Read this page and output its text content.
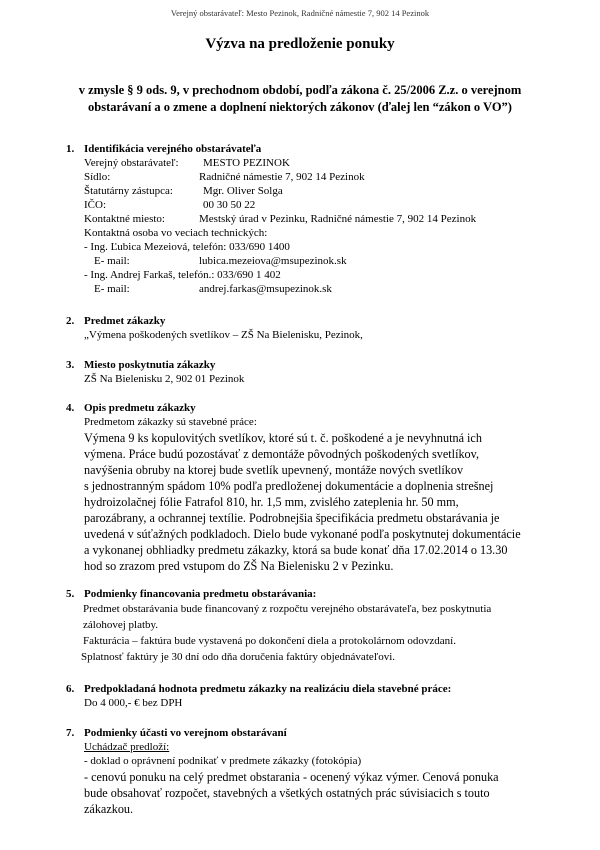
Verejný obstarávateľ: Mesto Pezinok, Radničné námestie 7, 902 14 Pezinok
Výzva na predloženie ponuky
v zmysle § 9 ods. 9, v prechodnom období, podľa zákona č. 25/2006 Z.z. o verejnom
obstarávaní a o zmene a doplnení niektorých zákonov (ďalej len “zákon o VO”)
1. Identifikácia verejného obstarávateľa
Verejný obstarávateľ: MESTO PEZINOK
Sídlo:	Radničné námestie 7, 902 14 Pezinok
Štatutárny zástupca:	Mgr. Oliver Solga
IČO:	00 30 50 22
Kontaktné miesto:	Mestský úrad v Pezinku, Radničné námestie 7, 902 14 Pezinok
Kontaktná osoba vo veciach technických:
- Ing. Ľubica Mezeiová, telefón: 033/690 1400
E- mail:	lubica.mezeiova@msupezinok.sk
- Ing. Andrej Farkaš, telefón.: 033/690 1 402
E- mail:	andrej.farkas@msupezinok.sk
2. Predmet zákazky
„Výmena poškodených svetlíkov – ZŠ Na Bielenisku, Pezinok,
3. Miesto poskytnutia zákazky
ZŠ Na Bielenisku 2, 902 01 Pezinok
4. Opis predmetu zákazky
Predmetom zákazky sú stavebné práce:
Výmena 9 ks kopulovitých svetlíkov, ktoré sú t. č. poškodené a je nevyhnutná ich
výmena. Práce budú pozostávať z demontáže pôvodných poškodených svetlíkov,
navýšenia obruby na ktorej bude svetlík upevnený, montáže nových svetlíkov
s jednostranným spádom 10% podľa predloženej dokumentácie a doplnenia strešnej
hydroizolačnej fólie Fatrafol 810, hr. 1,5 mm, zvislého zateplenia hr. 50 mm,
parozábrany, a ochrannej textílie. Podrobnejšia špecifikácia predmetu obstarávania je
uvedená v súťažných podkladoch. Dielo bude vykonané podľa poskytnutej dokumentácie
a vykonanej obhliadky predmetu zákazky, ktorá sa bude konať dňa 17.02.2014 o 13.30
hod so zrazom pred vstupom do ZŠ Na Bielenisku 2 v Pezinku.
5. Podmienky financovania predmetu obstarávania:
Predmet obstarávania bude financovaný z rozpočtu verejného obstarávateľa, bez poskytnutia
zálohovej platby.
Fakturácia – faktúra bude vystavená po dokončení diela a protokolárnom odovzdaní.
Splatnosť faktúry je 30 dní odo dňa doručenia faktúry objednávateľovi.
6. Predpokladaná hodnota predmetu zákazky na realizáciu diela stavebné práce:
Do 4 000,- € bez DPH
7. Podmienky účasti vo verejnom obstarávaní
Uchádzač predloží:
- doklad o oprávnení podnikať v predmete zákazky (fotokópia)
- cenovú ponuku na celý predmet obstarania - ocenený výkaz výmer. Cenová ponuka
bude obsahovať rozpočet, stavebných a všetkých ostatných prác súvisiacich s touto
zákazkou.
